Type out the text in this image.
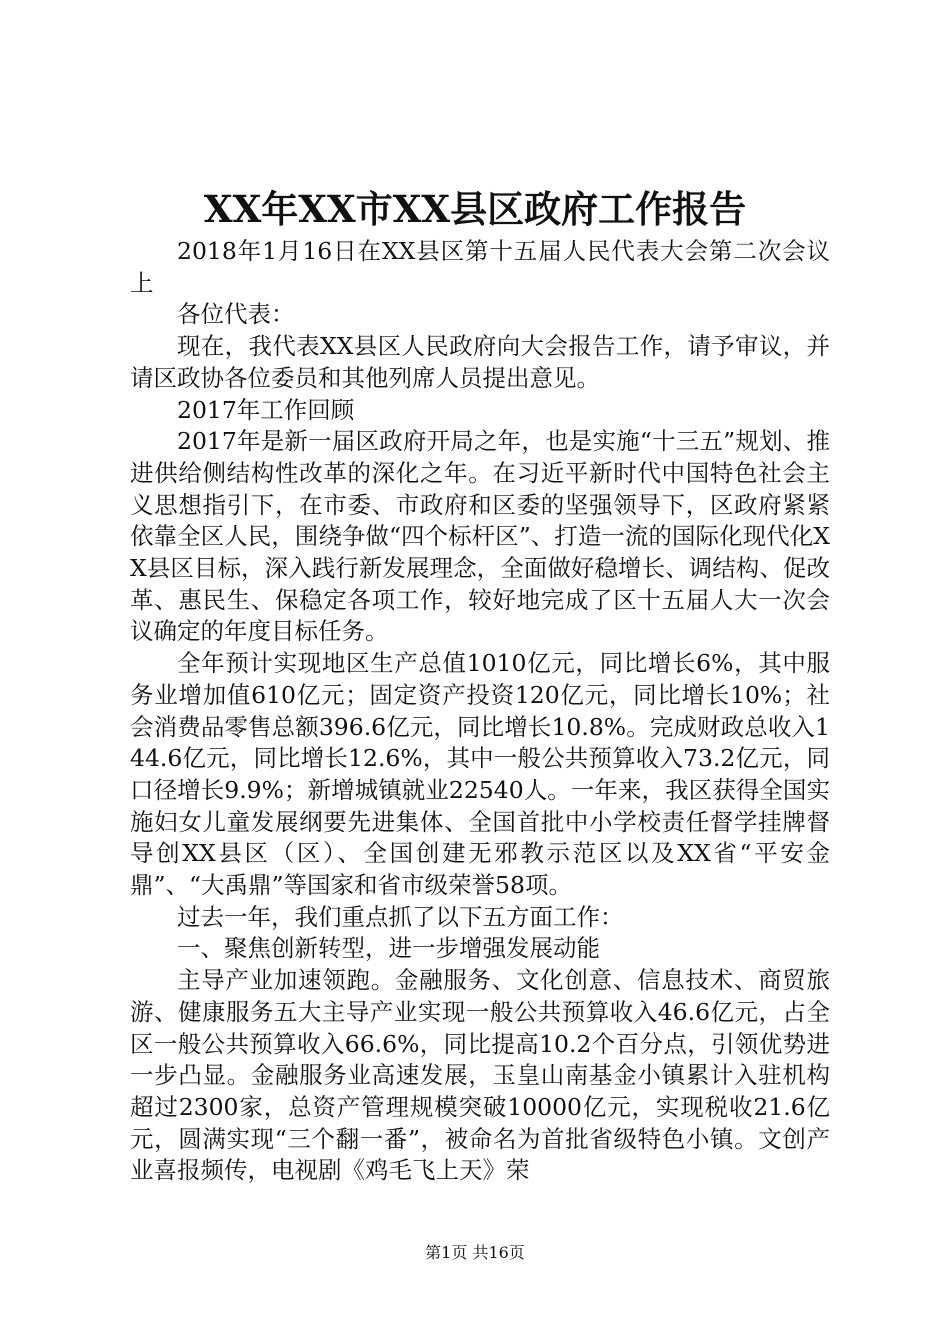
XX年XX市XX县区政府工作报告

2018年1月16日在XX县区第十五届人民代表大会第二次会议上

各位代表：

现在，我代表XX县区人民政府向大会报告工作，请予审议，并请区政协各位委员和其他列席人员提出意见。

2017年工作回顾

2017年是新一届区政府开局之年，也是实施“十三五”规划、推进供给侧结构性改革的深化之年。在习近平新时代中国特色社会主义思想指引下，在市委、市政府和区委的坚强领导下，区政府紧紧依靠全区人民，围绕争做“四个标杆区”、打造一流的国际化现代化XX县区目标，深入践行新发展理念，全面做好稳增长、调结构、促改革、惠民生、保稳定各项工作，较好地完成了区十五届人大一次会议确定的年度目标任务。

全年预计实现地区生产总值1010亿元，同比增长6%，其中服务业增加值610亿元；固定资产投资120亿元，同比增长10%；社会消费品零售总额396.6亿元，同比增长10.8%。完成财政总收入144.6亿元，同比增长12.6%，其中一般公共预算收入73.2亿元，同口径增长9.9%；新增城镇就业22540人。一年来，我区获得全国实施妇女儿童发展纲要先进集体、全国首批中小学校责任督学挂牌督导创XX县区（区）、全国创建无邪教示范区以及XX省“平安金鼎”、“大禹鼎”等国家和省市级荣誉58项。

过去一年，我们重点抓了以下五方面工作：

一、聚焦创新转型，进一步增强发展动能

主导产业加速领跑。金融服务、文化创意、信息技术、商贸旅游、健康服务五大主导产业实现一般公共预算收入46.6亿元，占全区一般公共预算收入66.6%，同比提高10.2个百分点，引领优势进一步凸显。金融服务业高速发展，玉皇山南基金小镇累计入驻机构超过2300家，总资产管理规模突破10000亿元，实现税收21.6亿元，圆满实现“三个翻一番”，被命名为首批省级特色小镇。文创产业喜报频传，电视剧《鸡毛飞上天》荣

第1页 共16页
